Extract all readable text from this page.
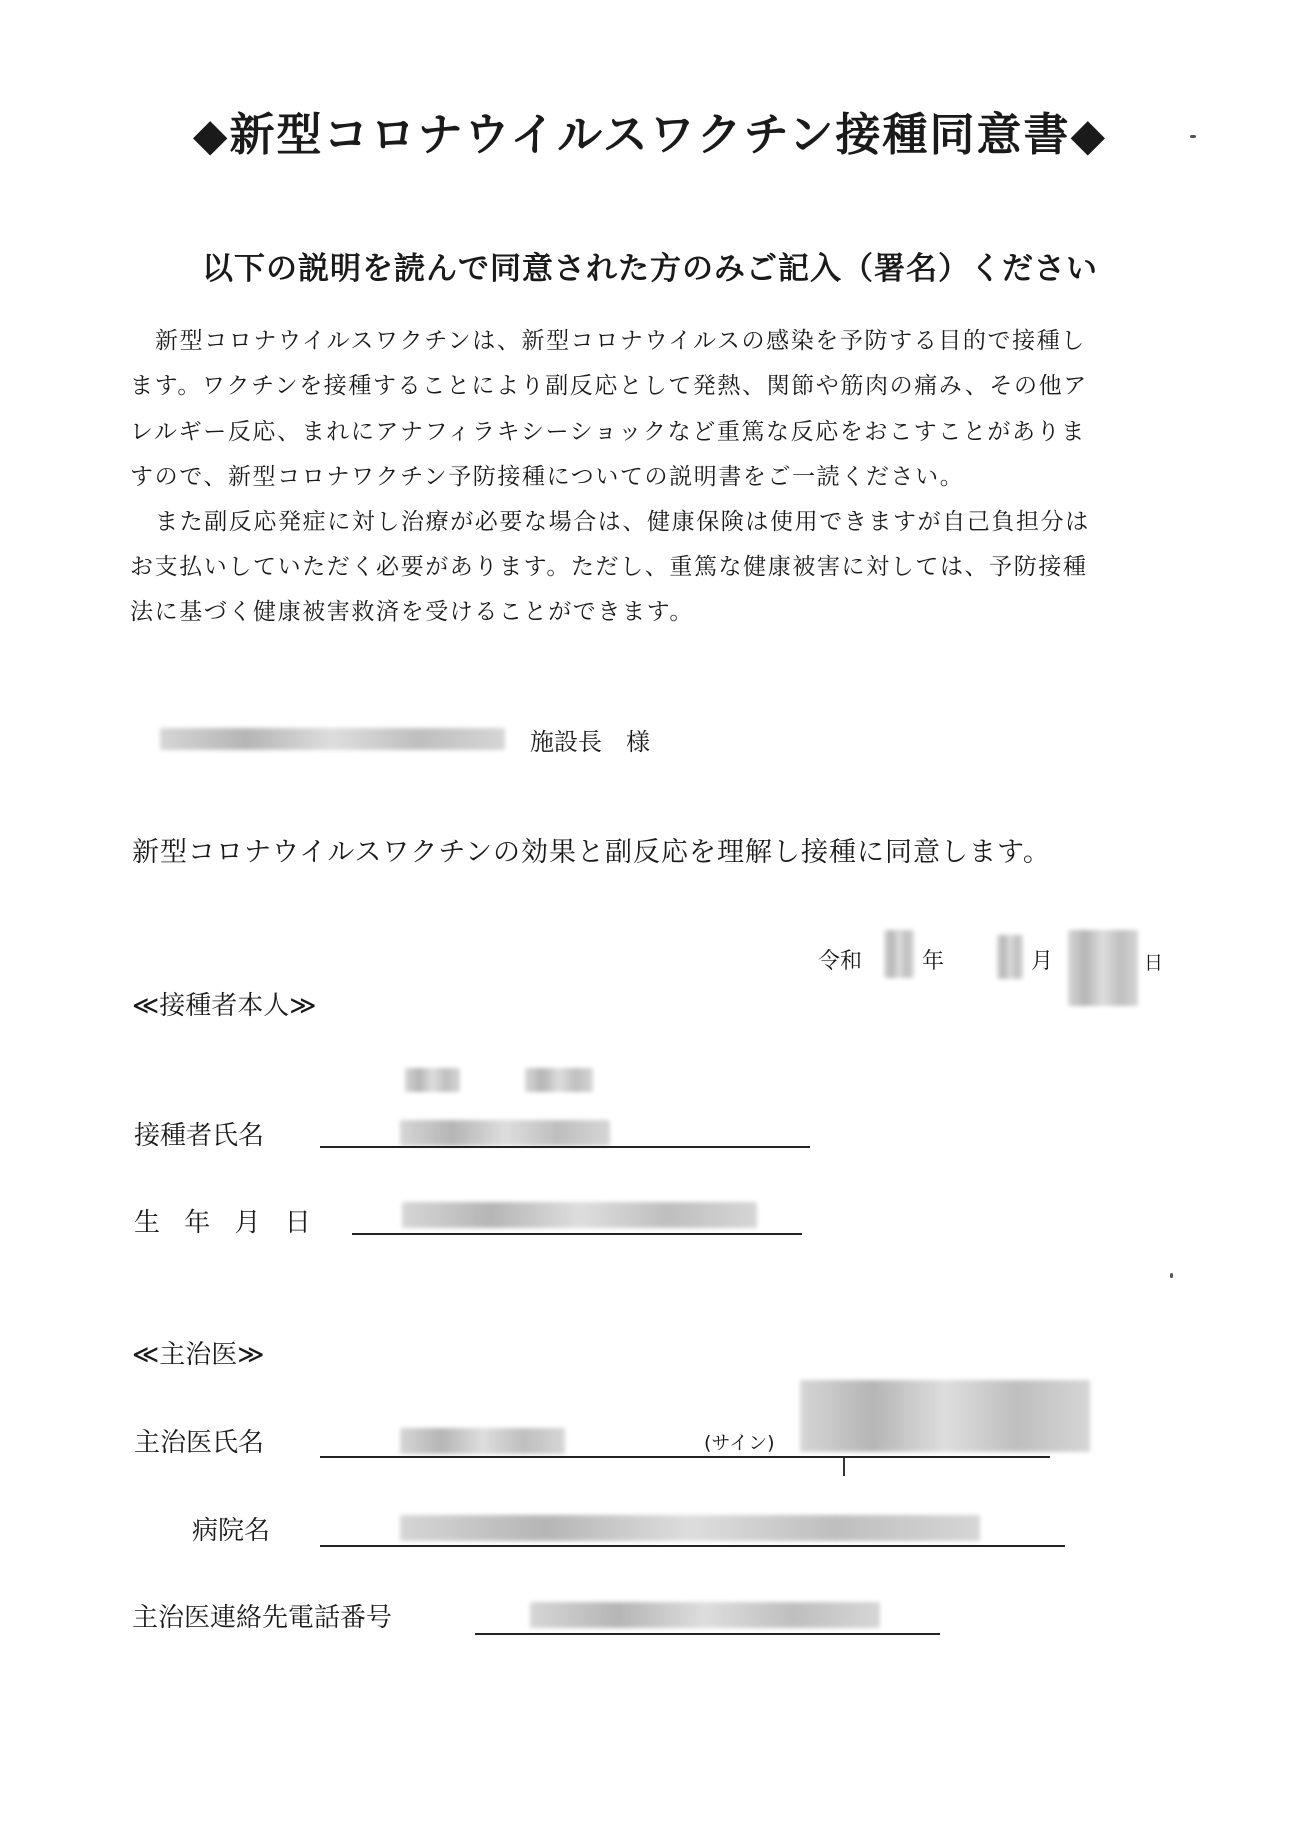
◆新型コロナウイルスワクチン接種同意書◆
以下の説明を読んで同意された方のみご記入（署名）ください
新型コロナウイルスワクチンは、新型コロナウイルスの感染を予防する目的で接種し
ます。ワクチンを接種することにより副反応として発熱、関節や筋肉の痛み、その他ア
レルギー反応、まれにアナフィラキシーショックなど重篤な反応をおこすことがありま
すので、新型コロナワクチン予防接種についての説明書をご一読ください。
また副反応発症に対し治療が必要な場合は、健康保険は使用できますが自己負担分は
お支払いしていただく必要があります。ただし、重篤な健康被害に対しては、予防接種
法に基づく健康被害救済を受けることができます。
施設長　様
新型コロナウイルスワクチンの効果と副反応を理解し接種に同意します。
令和	年	月	日
≪接種者本人≫
接種者氏名
生 年 月 日
≪主治医≫
主治医氏名	(サイン)
病院名
主治医連絡先電話番号
